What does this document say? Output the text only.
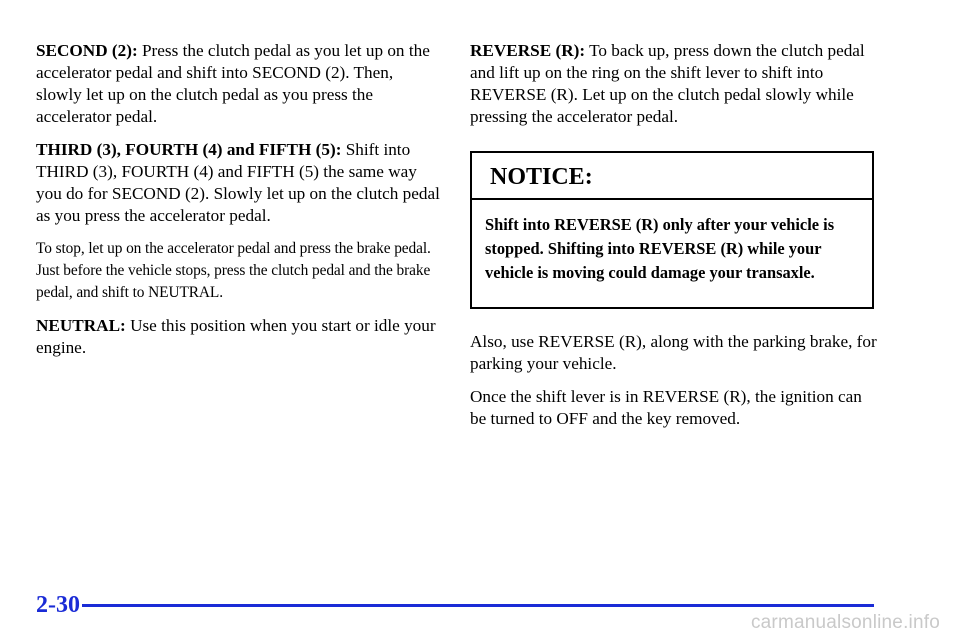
SECOND (2): Press the clutch pedal as you let up on the accelerator pedal and shift into SECOND (2). Then, slowly let up on the clutch pedal as you press the accelerator pedal.

THIRD (3), FOURTH (4) and FIFTH (5): Shift into THIRD (3), FOURTH (4) and FIFTH (5) the same way you do for SECOND (2). Slowly let up on the clutch pedal as you press the accelerator pedal.

To stop, let up on the accelerator pedal and press the brake pedal. Just before the vehicle stops, press the clutch pedal and the brake pedal, and shift to NEUTRAL.

NEUTRAL: Use this position when you start or idle your engine.

REVERSE (R): To back up, press down the clutch pedal and lift up on the ring on the shift lever to shift into REVERSE (R). Let up on the clutch pedal slowly while pressing the accelerator pedal.

NOTICE:
Shift into REVERSE (R) only after your vehicle is stopped. Shifting into REVERSE (R) while your vehicle is moving could damage your transaxle.

Also, use REVERSE (R), along with the parking brake, for parking your vehicle.

Once the shift lever is in REVERSE (R), the ignition can be turned to OFF and the key removed.

2-30
carmanualsonline.info
